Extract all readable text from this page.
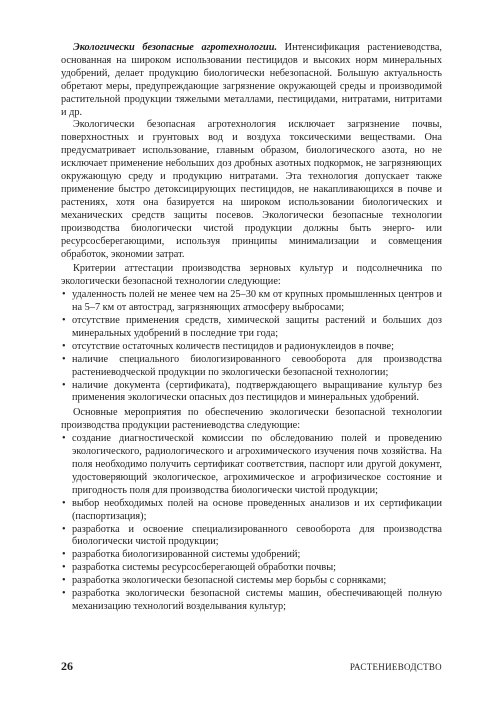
Экологически безопасные агротехнологии. Интенсификация растениеводства, основанная на широком использовании пестицидов и высоких норм минеральных удобрений, делает продукцию биологически небезопасной. Большую актуальность обретают меры, предупреждающие загрязнение окружающей среды и производимой растительной продукции тяжелыми металлами, пестицидами, нитратами, нитритами и др.

Экологически безопасная агротехнология исключает загрязнение почвы, поверхностных и грунтовых вод и воздуха токсическими веществами. Она предусматривает использование, главным образом, биологического азота, но не исключает применение небольших доз дробных азотных подкормок, не загрязняющих окружающую среду и продукцию нитратами. Эта технология допускает также применение быстро детоксицирующих пестицидов, не накапливающихся в почве и растениях, хотя она базируется на широком использовании биологических и механических средств защиты посевов. Экологически безопасные технологии производства биологически чистой продукции должны быть энерго- или ресурсосберегающими, используя принципы минимализации и совмещения обработок, экономии затрат.

Критерии аттестации производства зерновых культур и подсолнечника по экологически безопасной технологии следующие:

• удаленность полей не менее чем на 25–30 км от крупных промышленных центров и на 5–7 км от автострад, загрязняющих атмосферу выбросами;
• отсутствие применения средств, химической защиты растений и больших доз минеральных удобрений в последние три года;
• отсутствие остаточных количеств пестицидов и радионуклеидов в почве;
• наличие специального биологизированного севооборота для производства растениеводческой продукции по экологически безопасной технологии;
• наличие документа (сертификата), подтверждающего выращивание культур без применения экологически опасных доз пестицидов и минеральных удобрений.

Основные мероприятия по обеспечению экологически безопасной технологии производства продукции растениеводства следующие:

• создание диагностической комиссии по обследованию полей и проведению экологического, радиологического и агрохимического изучения почв хозяйства. На поля необходимо получить сертификат соответствия, паспорт или другой документ, удостоверяющий экологическое, агрохимическое и агрофизическое состояние и пригодность поля для производства биологически чистой продукции;
• выбор необходимых полей на основе проведенных анализов и их сертификации (паспортизация);
• разработка и освоение специализированного севооборота для производства биологически чистой продукции;
• разработка биологизированной системы удобрений;
• разработка системы ресурсосберегающей обработки почвы;
• разработка экологически безопасной системы мер борьбы с сорняками;
• разработка экологически безопасной системы машин, обеспечивающей полную механизацию технологий возделывания культур;
26	РАСТЕНИЕВОДСТВО
